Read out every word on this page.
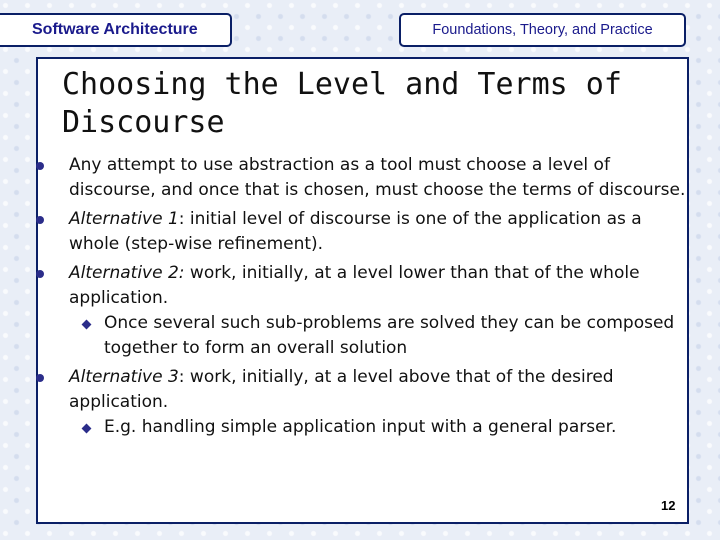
Software Architecture	Foundations, Theory, and Practice
Choosing the Level and Terms of
Discourse
Any attempt to use abstraction as a tool must choose a level of discourse, and once that is chosen, must choose the terms of discourse.
Alternative 1: initial level of discourse is one of the application as a whole (step-wise refinement).
Alternative 2: work, initially, at a level lower than that of the whole application.
Once several such sub-problems are solved they can be composed together to form an overall solution
Alternative 3: work, initially, at a level above that of the desired application.
E.g. handling simple application input with a general parser.
12
